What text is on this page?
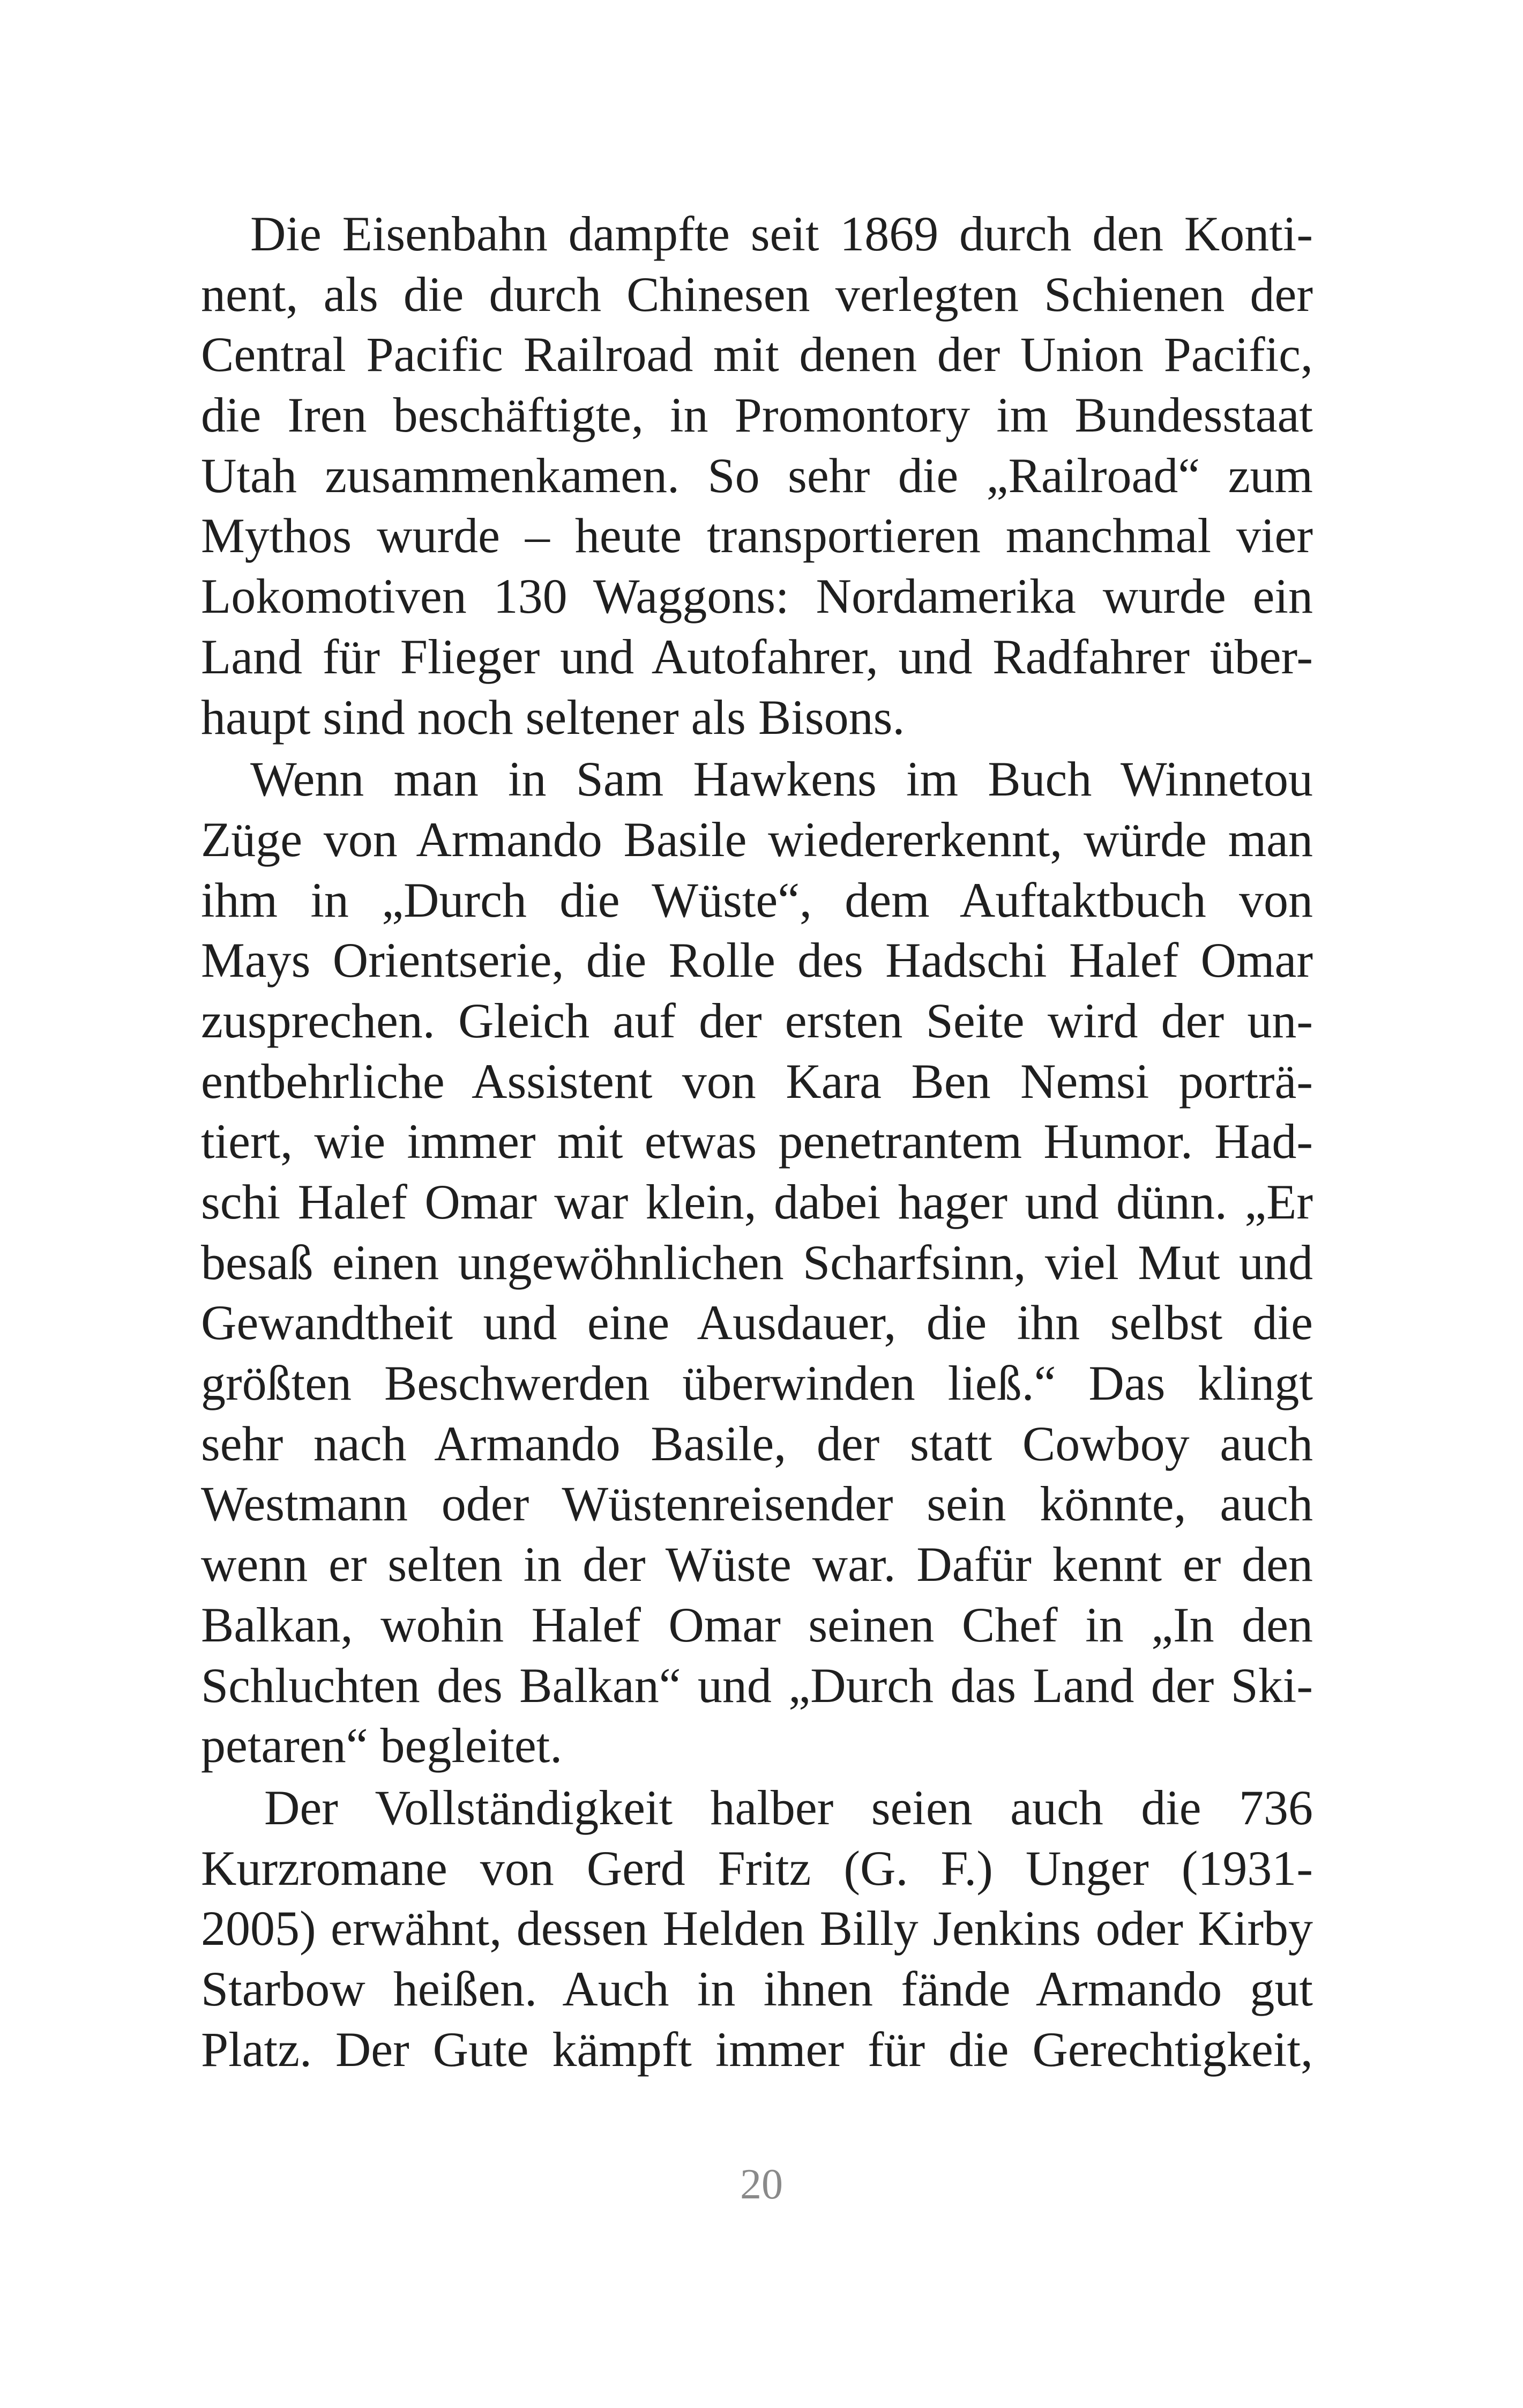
Die Eisenbahn dampfte seit 1869 durch den Konti-
nent, als die durch Chinesen verlegten Schienen der
Central Pacific Railroad mit denen der Union Pacific,
die Iren beschäftigte, in Promontory im Bundesstaat
Utah zusammenkamen. So sehr die „Railroad“ zum
Mythos wurde – heute transportieren manchmal vier
Lokomotiven 130 Waggons: Nordamerika wurde ein
Land für Flieger und Autofahrer, und Radfahrer über-
haupt sind noch seltener als Bisons.
Wenn man in Sam Hawkens im Buch Winnetou
Züge von Armando Basile wiedererkennt, würde man
ihm in „Durch die Wüste“, dem Auftaktbuch von
Mays Orientserie, die Rolle des Hadschi Halef Omar
zusprechen. Gleich auf der ersten Seite wird der un-
entbehrliche Assistent von Kara Ben Nemsi porträ-
tiert, wie immer mit etwas penetrantem Humor. Had-
schi Halef Omar war klein, dabei hager und dünn. „Er
besaß einen ungewöhnlichen Scharfsinn, viel Mut und
Gewandtheit und eine Ausdauer, die ihn selbst die
größten Beschwerden überwinden ließ.“ Das klingt
sehr nach Armando Basile, der statt Cowboy auch
Westmann oder Wüstenreisender sein könnte, auch
wenn er selten in der Wüste war. Dafür kennt er den
Balkan, wohin Halef Omar seinen Chef in „In den
Schluchten des Balkan“ und „Durch das Land der Ski-
petaren“ begleitet.
Der Vollständigkeit halber seien auch die 736
Kurzromane von Gerd Fritz (G. F.) Unger (1931-
2005) erwähnt, dessen Helden Billy Jenkins oder Kirby
Starbow heißen. Auch in ihnen fände Armando gut
Platz. Der Gute kämpft immer für die Gerechtigkeit,
20
